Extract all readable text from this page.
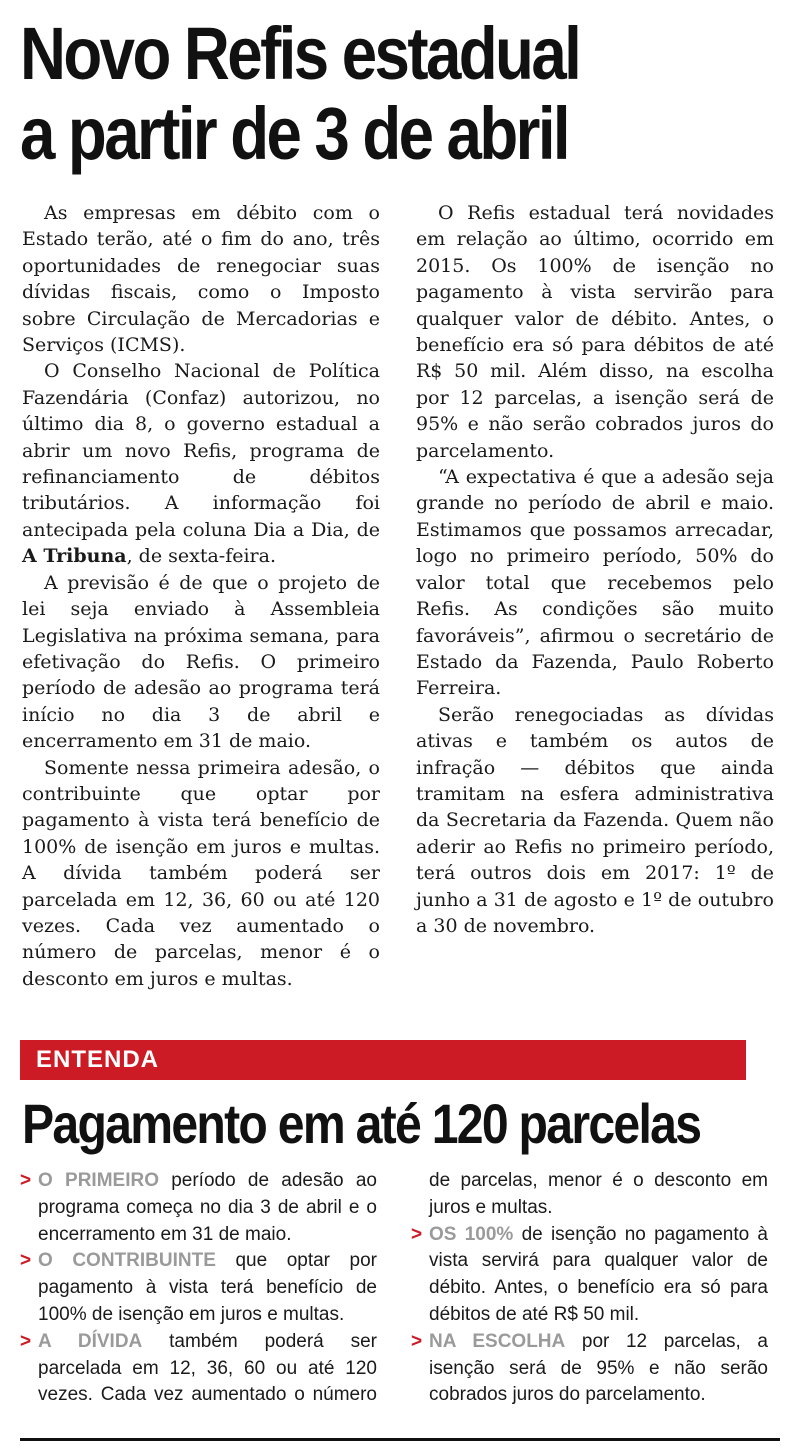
Novo Refis estadual
a partir de 3 de abril

As empresas em débito com o Estado terão, até o fim do ano, três oportunidades de renegociar suas dívidas fiscais, como o Imposto sobre Circulação de Mercadorias e Serviços (ICMS).

O Conselho Nacional de Política Fazendária (Confaz) autorizou, no último dia 8, o governo estadual a abrir um novo Refis, programa de refinanciamento de débitos tributários. A informação foi antecipada pela coluna Dia a Dia, de A Tribuna, de sexta-feira.

A previsão é de que o projeto de lei seja enviado à Assembleia Legislativa na próxima semana, para efetivação do Refis. O primeiro período de adesão ao programa terá início no dia 3 de abril e encerramento em 31 de maio.

Somente nessa primeira adesão, o contribuinte que optar por pagamento à vista terá benefício de 100% de isenção em juros e multas. A dívida também poderá ser parcelada em 12, 36, 60 ou até 120 vezes. Cada vez aumentado o número de parcelas, menor é o desconto em juros e multas.

O Refis estadual terá novidades em relação ao último, ocorrido em 2015. Os 100% de isenção no pagamento à vista servirão para qualquer valor de débito. Antes, o benefício era só para débitos de até R$ 50 mil. Além disso, na escolha por 12 parcelas, a isenção será de 95% e não serão cobrados juros do parcelamento.

“A expectativa é que a adesão seja grande no período de abril e maio. Estimamos que possamos arrecadar, logo no primeiro período, 50% do valor total que recebemos pelo Refis. As condições são muito favoráveis”, afirmou o secretário de Estado da Fazenda, Paulo Roberto Ferreira.

Serão renegociadas as dívidas ativas e também os autos de infração — débitos que ainda tramitam na esfera administrativa da Secretaria da Fazenda. Quem não aderir ao Refis no primeiro período, terá outros dois em 2017: 1º de junho a 31 de agosto e 1º de outubro a 30 de novembro.

ENTENDA
Pagamento em até 120 parcelas

> O PRIMEIRO período de adesão ao programa começa no dia 3 de abril e o encerramento em 31 de maio.

> O CONTRIBUINTE que optar por pagamento à vista terá benefício de 100% de isenção em juros e multas.

> A DÍVIDA também poderá ser parcelada em 12, 36, 60 ou até 120 vezes. Cada vez aumentado o número de parcelas, menor é o desconto em juros e multas.

> OS 100% de isenção no pagamento à vista servirá para qualquer valor de débito. Antes, o benefício era só para débitos de até R$ 50 mil.

> NA ESCOLHA por 12 parcelas, a isenção será de 95% e não serão cobrados juros do parcelamento.
